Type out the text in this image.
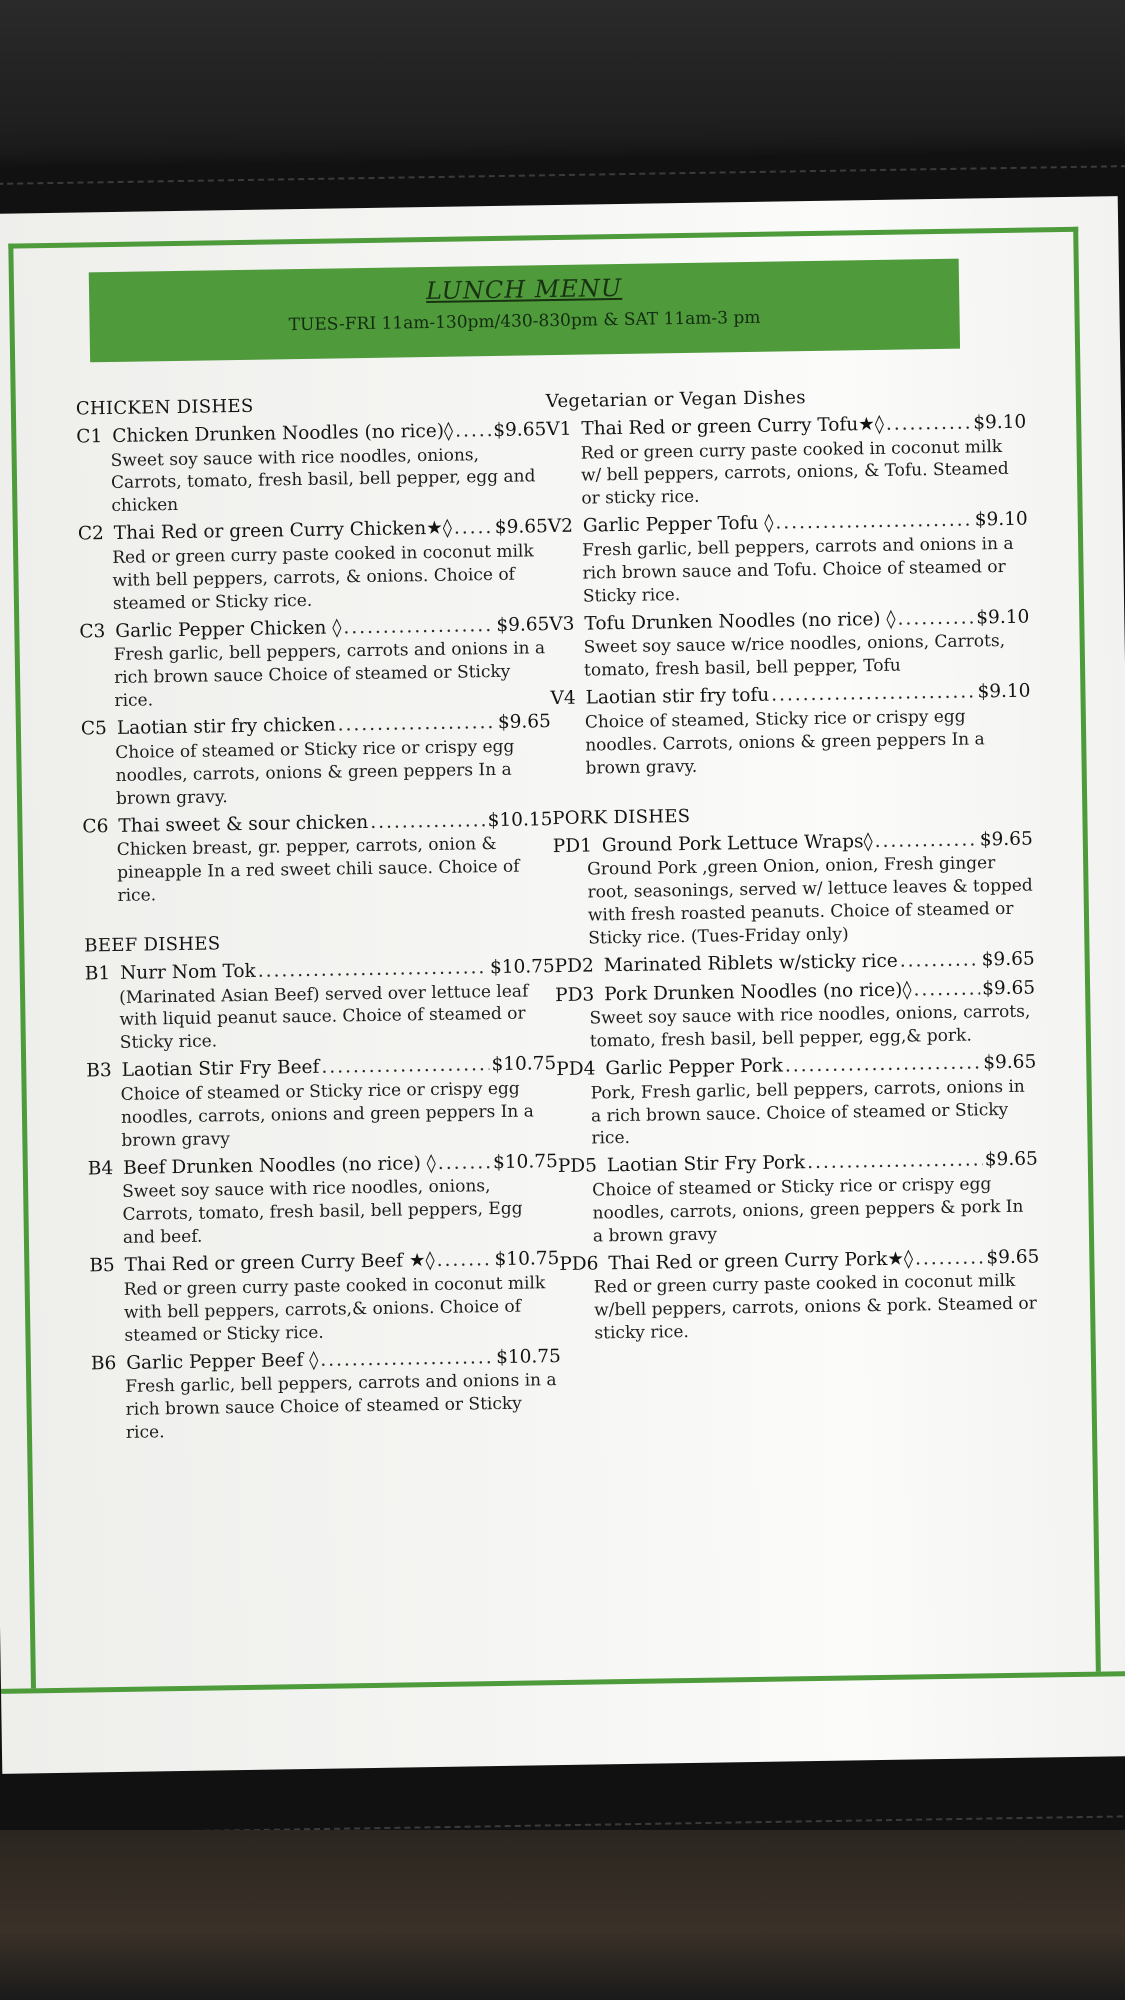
LUNCH MENU
TUES-FRI 11am-130pm/430-830pm & SAT 11am-3 pm
CHICKEN DISHES
C1 Chicken Drunken Noodles (no rice)◊ ..... $9.65
Sweet soy sauce with rice noodles, onions, Carrots, tomato, fresh basil, bell pepper, egg and chicken
C2 Thai Red or green Curry Chicken★◊ ..... $9.65
Red or green curry paste cooked in coconut milk with bell peppers, carrots, & onions. Choice of steamed or Sticky rice.
C3 Garlic Pepper Chicken ◊ .....	$9.65
Fresh garlic, bell peppers, carrots and onions in a rich brown sauce Choice of steamed or Sticky rice.
C5 Laotian stir fry chicken .....	$9.65
Choice of steamed or Sticky rice or crispy egg noodles, carrots, onions & green peppers In a brown gravy.
C6 Thai sweet & sour chicken .....	$10.15
Chicken breast, gr. pepper, carrots, onion & pineapple In a red sweet chili sauce. Choice of rice.
BEEF DISHES
B1 Nurr Nom Tok .....	$10.75
(Marinated Asian Beef) served over lettuce leaf with liquid peanut sauce. Choice of steamed or Sticky rice.
B3 Laotian Stir Fry Beef .....	$10.75
Choice of steamed or Sticky rice or crispy egg noodles, carrots, onions and green peppers In a brown gravy
B4 Beef Drunken Noodles (no rice) ◊ .....	$10.75
Sweet soy sauce with rice noodles, onions, Carrots, tomato, fresh basil, bell peppers, Egg and beef.
B5 Thai Red or green Curry Beef ★◊ .....	$10.75
Red or green curry paste cooked in coconut milk with bell peppers, carrots,& onions. Choice of steamed or Sticky rice.
B6 Garlic Pepper Beef ◊ .....	$10.75
Fresh garlic, bell peppers, carrots and onions in a rich brown sauce Choice of steamed or Sticky rice.
Vegetarian or Vegan Dishes
V1 Thai Red or green Curry Tofu★◊ .....	$9.10
Red or green curry paste cooked in coconut milk w/ bell peppers, carrots, onions, & Tofu. Steamed or sticky rice.
V2 Garlic Pepper Tofu ◊ .....	$9.10
Fresh garlic, bell peppers, carrots and onions in a rich brown sauce and Tofu. Choice of steamed or Sticky rice.
V3 Tofu Drunken Noodles (no rice) ◊ .....	$9.10
Sweet soy sauce w/rice noodles, onions, Carrots, tomato, fresh basil, bell pepper, Tofu
V4 Laotian stir fry tofu .....	$9.10
Choice of steamed, Sticky rice or crispy egg noodles. Carrots, onions & green peppers In a brown gravy.
PORK DISHES
PD1 Ground Pork Lettuce Wraps◊ .....	$9.65
Ground Pork ,green Onion, onion, Fresh ginger root, seasonings, served w/ lettuce leaves & topped with fresh roasted peanuts. Choice of steamed or Sticky rice. (Tues-Friday only)
PD2 Marinated Riblets w/sticky rice .....	$9.65
PD3 Pork Drunken Noodles (no rice)◊ .....	$9.65
Sweet soy sauce with rice noodles, onions, carrots, tomato, fresh basil, bell pepper, egg,& pork.
PD4 Garlic Pepper Pork .....	$9.65
Pork, Fresh garlic, bell peppers, carrots, onions in a rich brown sauce. Choice of steamed or Sticky rice.
PD5 Laotian Stir Fry Pork .....	$9.65
Choice of steamed or Sticky rice or crispy egg noodles, carrots, onions, green peppers & pork In a brown gravy
PD6 Thai Red or green Curry Pork★◊ .....	$9.65
Red or green curry paste cooked in coconut milk w/bell peppers, carrots, onions & pork. Steamed or sticky rice.
